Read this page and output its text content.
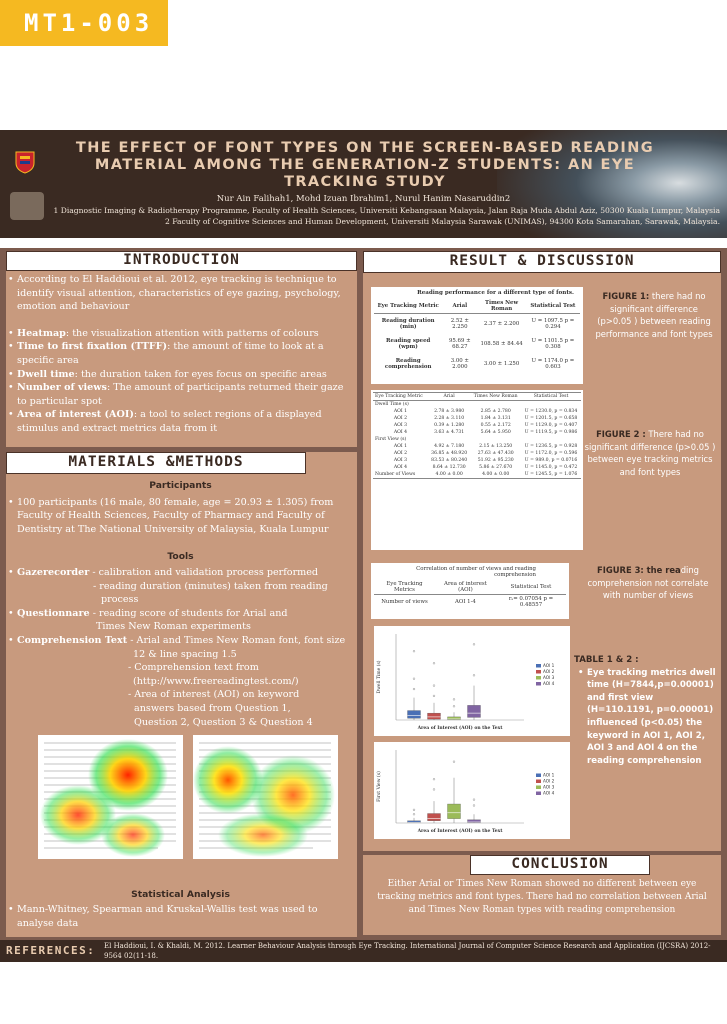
MT1-003
THE EFFECT OF FONT TYPES ON THE SCREEN-BASED READING MATERIAL AMONG THE GENERATION-Z STUDENTS: AN EYE TRACKING STUDY
Nur Ain Falihah1, Mohd Izuan Ibrahim1, Nurul Hanim Nasaruddin2
1 Diagnostic Imaging & Radiotherapy Programme, Faculty of Health Sciences, Universiti Kebangsaan Malaysia, Jalan Raja Muda Abdul Aziz, 50300 Kuala Lumpur, Malaysia
2 Faculty of Cognitive Sciences and Human Development, Universiti Malaysia Sarawak (UNIMAS), 94300 Kota Samarahan, Sarawak, Malaysia.
INTRODUCTION
• According to El Haddioui et al. 2012, eye tracking is technique to identify visual attention, characteristics of eye gazing, psychology, emotion and behaviour
• Heatmap: the visualization attention with patterns of colours
• Time to first fixation (TTFF): the amount of time to look at a specific area
• Dwell time: the duration taken for eyes focus on specific areas
• Number of views: The amount of participants returned their gaze to particular spot
• Area of interest (AOI): a tool to select regions of a displayed stimulus and extract metrics data from it
MATERIALS &METHODS
Participants
• 100 participants (16 male, 80 female, age = 20.93 ± 1.305) from Faculty of Health Sciences, Faculty of Pharmacy and Faculty of Dentistry at The National University of Malaysia, Kuala Lumpur
Tools
• Gazerecorder - calibration and validation process performed
- reading duration (minutes) taken from reading
process
• Questionnare - reading score of students for Arial and
Times New Roman experiments
• Comprehension Text - Arial and Times New Roman font, font size
12 & line spacing 1.5
- Comprehension text from
(http://www.freereadingtest.com/)
- Area of interest (AOI) on keyword
answers based from Question 1,
Question 2, Question 3 & Question 4
Statistical Analysis
• Mann-Whitney, Spearman and Kruskal-Wallis test was used to analyse data
RESULT & DISCUSSION
Reading performance for a different type of fonts.
Eye Tracking Metric	Arial	Times New Roman	Statistical Test
Reading duration (min)	2.52 ± 2.250	2.37 ± 2.200	U = 1097.5 p = 0.294
Reading speed (wpm)	95.69 ± 68.27	108.58 ± 84.44	U = 1101.5 p = 0.308
Reading comprehension	3.00 ± 2.000	3.00 ± 1.250	U = 1174.0 p = 0.603
FIGURE 1: there had no significant difference (p>0.05 ) between reading performance and font types
Eye Tracking Metric	Arial	Times New Roman	Statistical Test
Dwell Time (s)			
AOI 1	2.78 ± 3.980	2.85 ± 2.780	U = 1230.0, p = 0.834
AOI 2	2.28 ± 3.110	1.84 ± 3.131	U = 1201.5, p = 0.658
AOI 3	0.39 ± 1.280	0.55 ± 2.172	U = 1129.0, p = 0.407
AOI 4	3.63 ± 4.731	5.64 ± 5.950	U = 1119.5, p = 0.986
First View (s)			
AOI 1	4.92 ± 7.180	2.15 ± 13.250	U = 1236.5, p = 0.928
AOI 2	36.85 ± 48.920	27.63 ± 47.430	U = 1172.0, p = 0.596
AOI 3	83.53 ± 80.240	51.92 ± 95.230	U = 989.0, p = 0.0716
AOI 4	8.64 ± 12.730	5.86 ± 27.670	U = 1145.0, p = 0.472
Number of Views	4.00 ± 0.00	4.00 ± 0.00	U = 1245.5, p = 1.076
FIGURE 2 : There had no significant difference (p>0.05 ) between eye tracking metrics and font types
Correlation of number of views and reading comprehension
Eye Tracking Metrics	Area of interest (AOI)	Statistical Test
Number of views	AOI 1-4	rₛ= 0.07054 p = 0.48557
FIGURE 3: the reading comprehension not correlate with number of views
Dwell Time (s)
Area of Interest (AOI) on the Text
AOI 1
AOI 2
AOI 3
AOI 4
First View (s)
Area of Interest (AOI) on the Text
AOI 1
AOI 2
AOI 3
AOI 4
TABLE 1 & 2 :
• Eye tracking metrics dwell time (H=7844,p=0.00001) and first view (H=110.1191, p=0.00001) influenced (p<0.05) the keyword in AOI 1, AOI 2, AOI 3 and AOI 4 on the reading comprehension
CONCLUSION
Either Arial or Times New Roman showed no different between eye tracking metrics and font types. There had no correlation between Arial and Times New Roman types with reading comprehension
REFERENCES: El Haddioui, I. & Khaldi, M. 2012. Learner Behaviour Analysis through Eye Tracking. International Journal of Computer Science Research and Application (IJCSRA) 2012-9564 02(11-18.
